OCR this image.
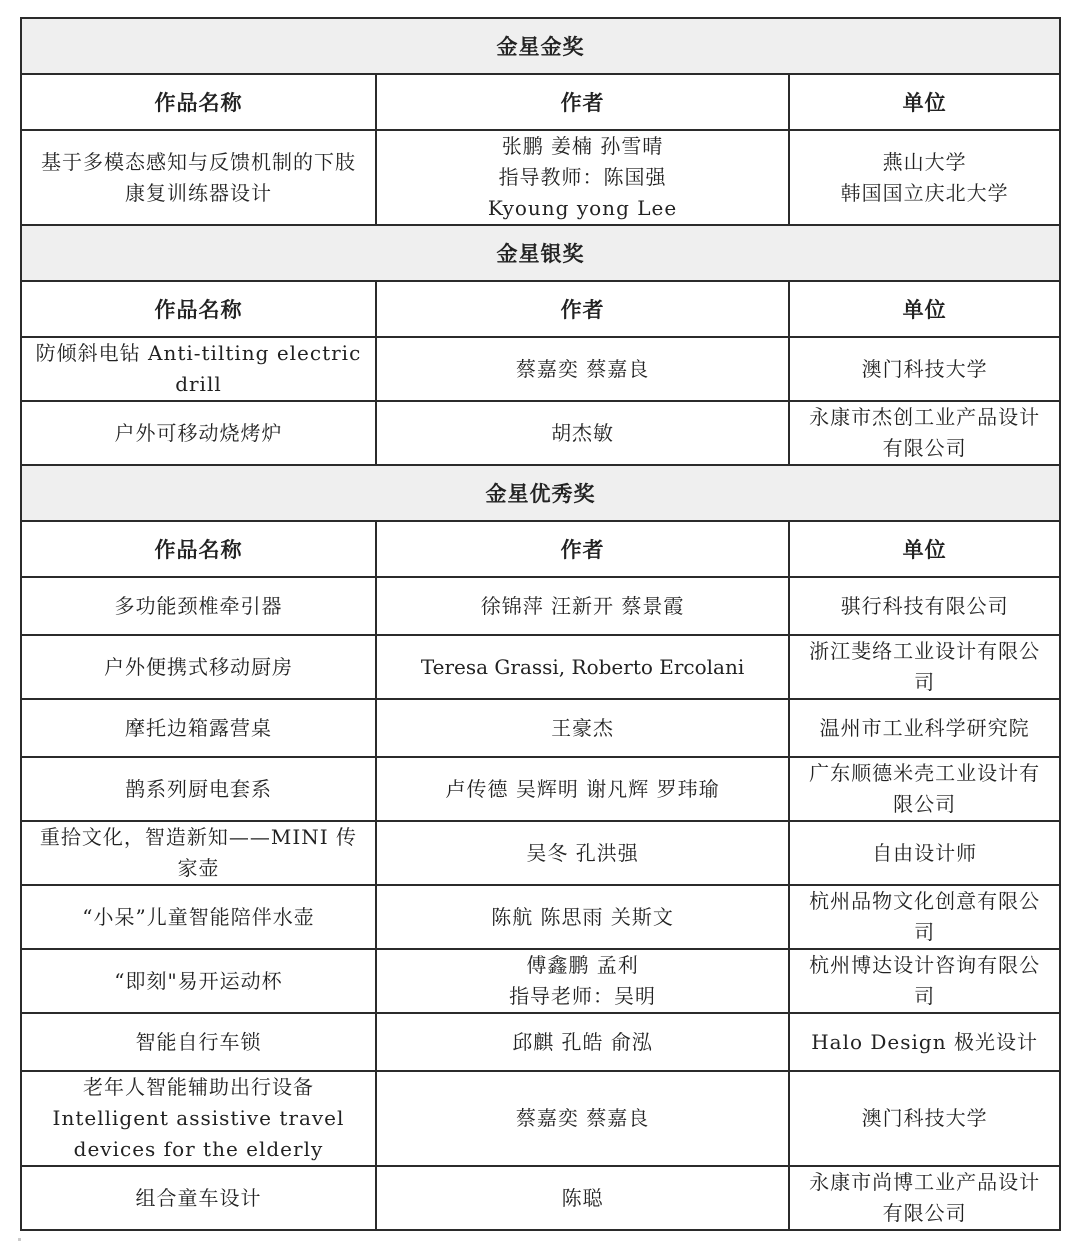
金星金奖		
作品名称	作者	单位

基于多模态感知与反馈机制的下肢康复训练器设计	张鹏 姜楠 孙雪晴
指导教师：陈国强
Kyoung yong Lee	燕山大学
韩国国立庆北大学

金星银奖		
作品名称	作者	单位

防倾斜电钻 Anti-tilting electric drill	蔡嘉奕 蔡嘉良	澳门科技大学

户外可移动烧烤炉	胡杰敏	永康市杰创工业产品设计有限公司

金星优秀奖		
作品名称	作者	单位

多功能颈椎牵引器	徐锦萍 汪新开 蔡景霞	骐行科技有限公司

户外便携式移动厨房	Teresa Grassi, Roberto Ercolani	浙江斐络工业设计有限公司

摩托边箱露营桌	王豪杰	温州市工业科学研究院

鹊系列厨电套系	卢传德 吴辉明 谢凡辉 罗玮瑜	广东顺德米壳工业设计有限公司

重拾文化，智造新知——MINI 传家壶	吴冬 孔洪强	自由设计师

“小呆”儿童智能陪伴水壶	陈航 陈思雨 关斯文	杭州品物文化创意有限公司

“即刻"易开运动杯	傅鑫鹏 孟利
指导老师：吴明	杭州博达设计咨询有限公司

智能自行车锁	邱麒 孔皓 俞泓	Halo Design 极光设计

老年人智能辅助出行设备
Intelligent assistive travel devices for the elderly	蔡嘉奕 蔡嘉良	澳门科技大学

组合童车设计	陈聪	永康市尚博工业产品设计有限公司
